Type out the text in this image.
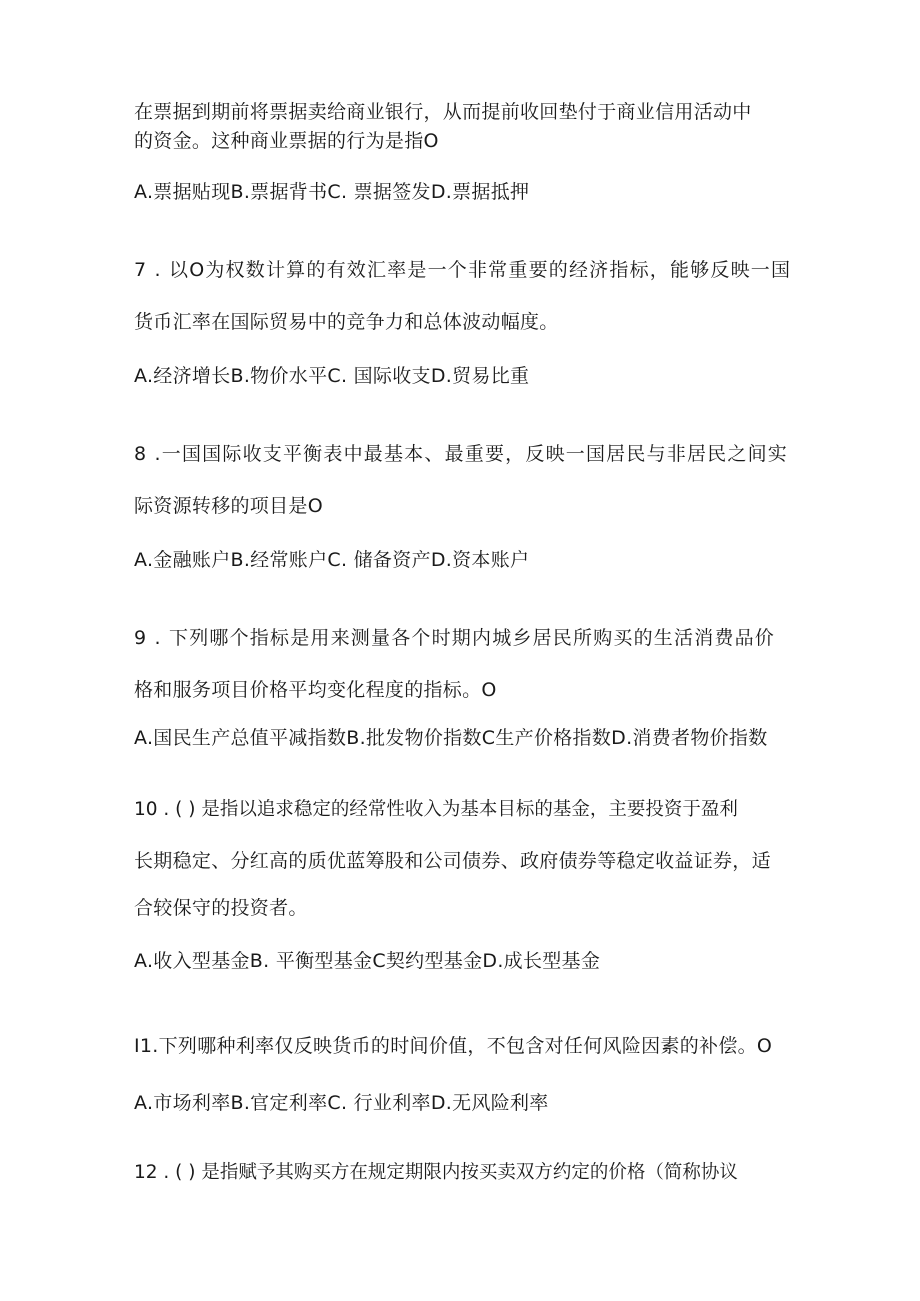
在票据到期前将票据卖给商业银行，从而提前收回垫付于商业信用活动中
的资金。这种商业票据的行为是指O
A.票据贴现B.票据背书C. 票据签发D.票据抵押
7 . 以O为权数计算的有效汇率是一个非常重要的经济指标，能够反映一国
货币汇率在国际贸易中的竞争力和总体波动幅度。
A.经济增长B.物价水平C. 国际收支D.贸易比重
8 .一国国际收支平衡表中最基本、最重要，反映一国居民与非居民之间实
际资源转移的项目是O
A.金融账户B.经常账户C. 储备资产D.资本账户
9 . 下列哪个指标是用来测量各个时期内城乡居民所购买的生活消费品价
格和服务项目价格平均变化程度的指标。O
A.国民生产总值平减指数B.批发物价指数C生产价格指数D.消费者物价指数
10 . ( ) 是指以追求稳定的经常性收入为基本目标的基金，主要投资于盈利
长期稳定、分红高的质优蓝筹股和公司债券、政府债券等稳定收益证券，适
合较保守的投资者。
A.收入型基金B. 平衡型基金C契约型基金D.成长型基金
I1.下列哪种利率仅反映货币的时间价值，不包含对任何风险因素的补偿。O
A.市场利率B.官定利率C. 行业利率D.无风险利率
12 . ( ) 是指赋予其购买方在规定期限内按买卖双方约定的价格（简称协议
